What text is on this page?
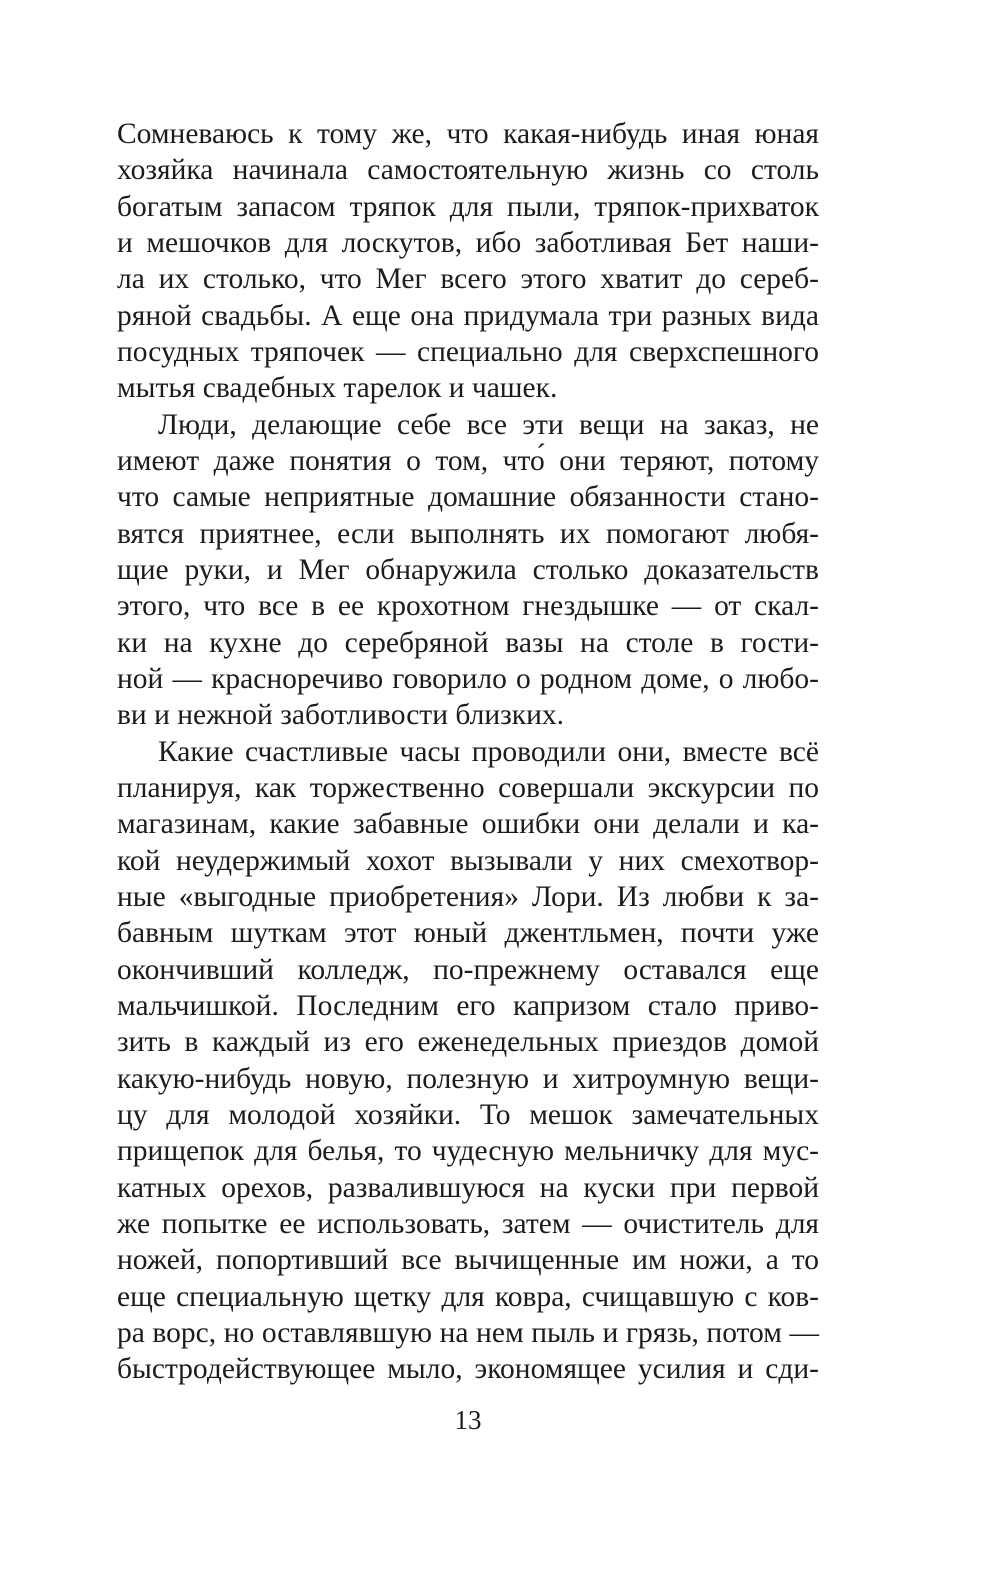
Сомневаюсь к тому же, что какая-нибудь иная юная
хозяйка начинала самостоятельную жизнь со столь
богатым запасом тряпок для пыли, тряпок-прихваток
и мешочков для лоскутов, ибо заботливая Бет наши-
ла их столько, что Мег всего этого хватит до сереб-
ряной свадьбы. А еще она придумала три разных вида
посудных тряпочек — специально для сверхспешного
мытья свадебных тарелок и чашек.
Люди, делающие себе все эти вещи на заказ, не
имеют даже понятия о том, что́ они теряют, потому
что самые неприятные домашние обязанности стано-
вятся приятнее, если выполнять их помогают любя-
щие руки, и Мег обнаружила столько доказательств
этого, что все в ее крохотном гнездышке — от скал-
ки на кухне до серебряной вазы на столе в гости-
ной — красноречиво говорило о родном доме, о любо-
ви и нежной заботливости близких.
Какие счастливые часы проводили они, вместе всё
планируя, как торжественно совершали экскурсии по
магазинам, какие забавные ошибки они делали и ка-
кой неудержимый хохот вызывали у них смехотвор-
ные «выгодные приобретения» Лори. Из любви к за-
бавным шуткам этот юный джентльмен, почти уже
окончивший колледж, по-прежнему оставался еще
мальчишкой. Последним его капризом стало приво-
зить в каждый из его еженедельных приездов домой
какую-нибудь новую, полезную и хитроумную вещи-
цу для молодой хозяйки. То мешок замечательных
прищепок для белья, то чудесную мельничку для мус-
катных орехов, развалившуюся на куски при первой
же попытке ее использовать, затем — очиститель для
ножей, попортивший все вычищенные им ножи, а то
еще специальную щетку для ковра, счищавшую с ков-
ра ворс, но оставлявшую на нем пыль и грязь, потом —
быстродействующее мыло, экономящее усилия и сди-
13
